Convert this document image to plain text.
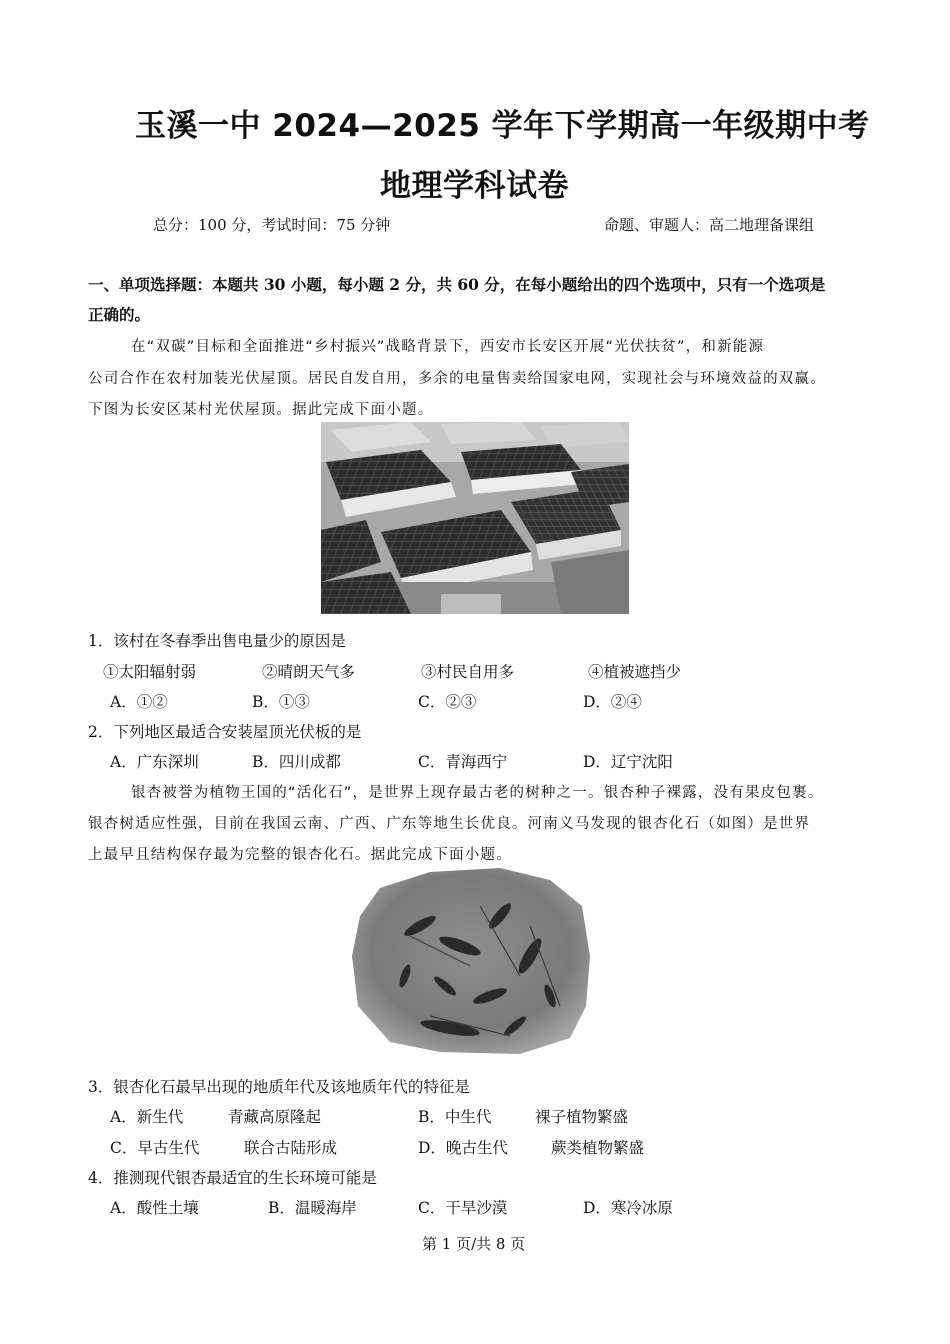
玉溪一中 2024—2025 学年下学期高一年级期中考
地理学科试卷
总分：100 分，考试时间：75 分钟	命题、审题人：高二地理备课组
一、单项选择题：本题共 30 小题，每小题 2 分，共 60 分，在每小题给出的四个选项中，只有一个选项是
正确的。
在“双碳”目标和全面推进“乡村振兴”战略背景下，西安市长安区开展“光伏扶贫”，和新能源
公司合作在农村加装光伏屋顶。居民自发自用，多余的电量售卖给国家电网，实现社会与环境效益的双赢。
下图为长安区某村光伏屋顶。据此完成下面小题。
1．该村在冬春季出售电量少的原因是
①太阳辐射弱	②晴朗天气多	③村民自用多	④植被遮挡少
A．①②	B．①③	C．②③	D．②④
2．下列地区最适合安装屋顶光伏板的是
A．广东深圳	B．四川成都	C．青海西宁	D．辽宁沈阳
银杏被誉为植物王国的“活化石”，是世界上现存最古老的树种之一。银杏种子裸露，没有果皮包裹。
银杏树适应性强，目前在我国云南、广西、广东等地生长优良。河南义马发现的银杏化石（如图）是世界
上最早且结构保存最为完整的银杏化石。据此完成下面小题。
3．银杏化石最早出现的地质年代及该地质年代的特征是
A．新生代	青藏高原隆起	B．中生代	裸子植物繁盛
C．早古生代	联合古陆形成	D．晚古生代	蕨类植物繁盛
4．推测现代银杏最适宜的生长环境可能是
A．酸性土壤	B．温暖海岸	C．干旱沙漠	D．寒冷冰原
第 1 页/共 8 页
